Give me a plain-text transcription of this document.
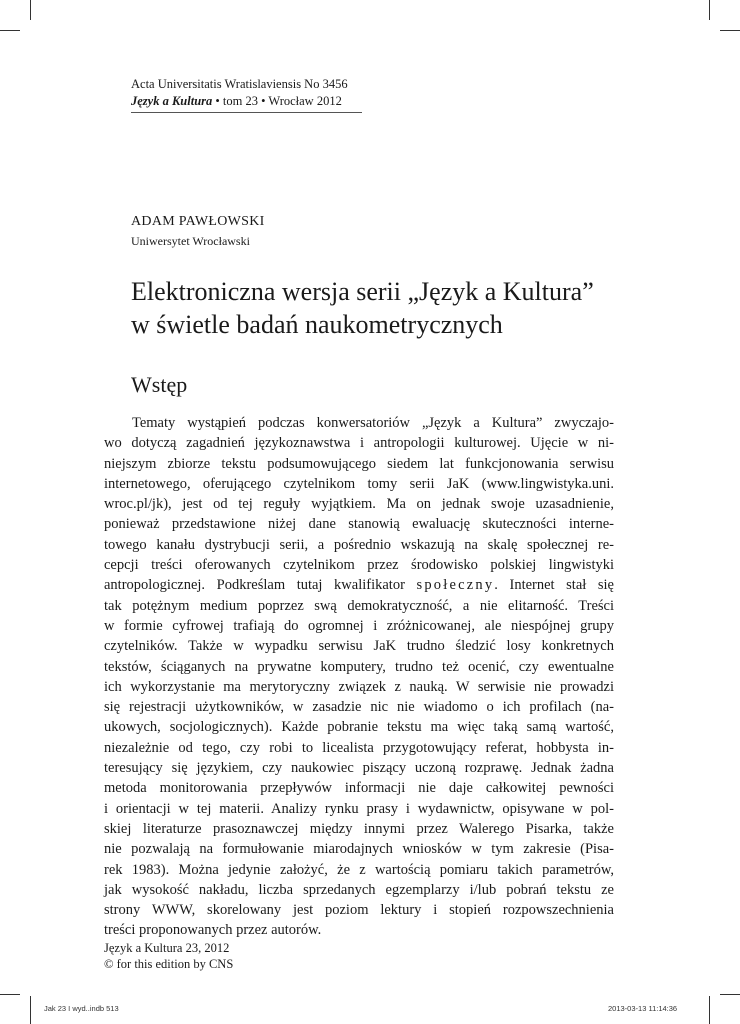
Acta Universitatis Wratislaviensis No 3456
Język a Kultura • tom 23 • Wrocław 2012
ADAM PAWŁOWSKI
Uniwersytet Wrocławski
Elektroniczna wersja serii „Język a Kultura”
w świetle badań naukometrycznych
Wstęp
Tematy wystąpień podczas konwersatoriów „Język a Kultura” zwyczajo-
wo dotyczą zagadnień językoznawstwa i antropologii kulturowej. Ujęcie w ni-
niejszym zbiorze tekstu podsumowującego siedem lat funkcjonowania serwisu
internetowego, oferującego czytelnikom tomy serii JaK (www.lingwistyka.uni.
wroc.pl/jk), jest od tej reguły wyjątkiem. Ma on jednak swoje uzasadnienie,
ponieważ przedstawione niżej dane stanowią ewaluację skuteczności interne-
towego kanału dystrybucji serii, a pośrednio wskazują na skalę społecznej re-
cepcji treści oferowanych czytelnikom przez środowisko polskiej lingwistyki
antropologicznej. Podkreślam tutaj kwalifikator społeczny. Internet stał się
tak potężnym medium poprzez swą demokratyczność, a nie elitarność. Treści
w formie cyfrowej trafiają do ogromnej i zróżnicowanej, ale niespójnej grupy
czytelników. Także w wypadku serwisu JaK trudno śledzić losy konkretnych
tekstów, ściąganych na prywatne komputery, trudno też ocenić, czy ewentualne
ich wykorzystanie ma merytoryczny związek z nauką. W serwisie nie prowadzi
się rejestracji użytkowników, w zasadzie nic nie wiadomo o ich profilach (na-
ukowych, socjologicznych). Każde pobranie tekstu ma więc taką samą wartość,
niezależnie od tego, czy robi to licealista przygotowujący referat, hobbysta in-
teresujący się językiem, czy naukowiec piszący uczoną rozprawę. Jednak żadna
metoda monitorowania przepływów informacji nie daje całkowitej pewności
i orientacji w tej materii. Analizy rynku prasy i wydawnictw, opisywane w pol-
skiej literaturze prasoznawczej między innymi przez Walerego Pisarka, także
nie pozwalają na formułowanie miarodajnych wniosków w tym zakresie (Pisa-
rek 1983). Można jedynie założyć, że z wartością pomiaru takich parametrów,
jak wysokość nakładu, liczba sprzedanych egzemplarzy i/lub pobrań tekstu ze
strony WWW, skorelowany jest poziom lektury i stopień rozpowszechnienia
treści proponowanych przez autorów.
Język a Kultura 23, 2012
© for this edition by CNS
Jak 23 I wyd..indb 513	2013-03-13 11:14:36
